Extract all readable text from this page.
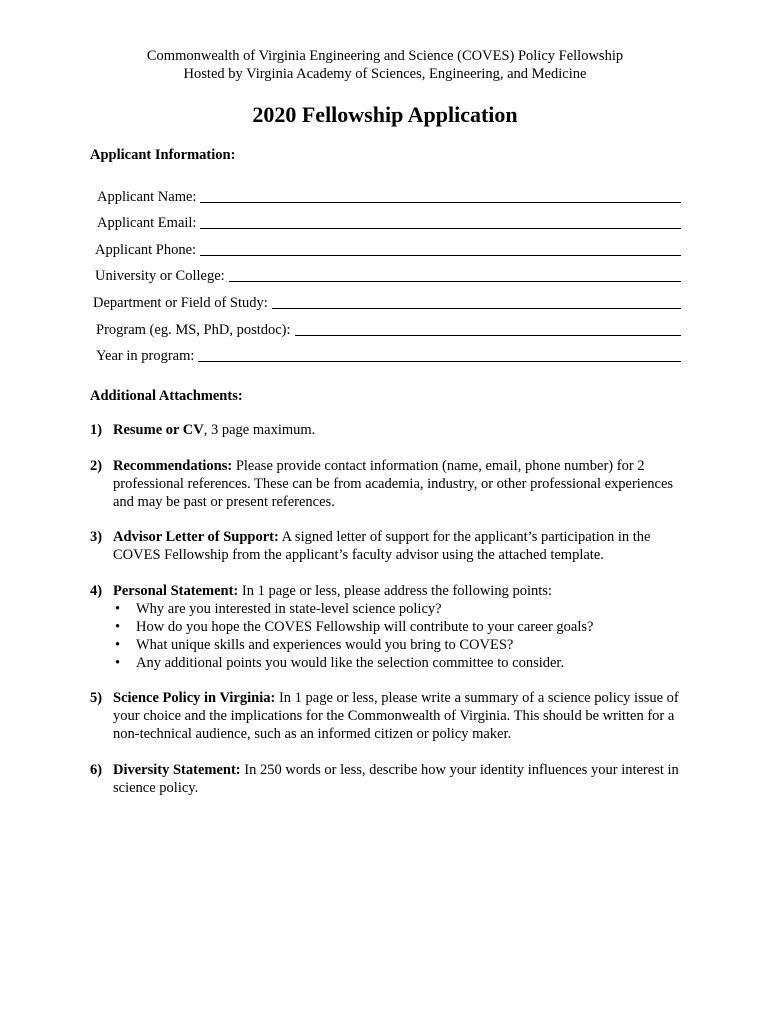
Commonwealth of Virginia Engineering and Science (COVES) Policy Fellowship
Hosted by Virginia Academy of Sciences, Engineering, and Medicine
2020 Fellowship Application
Applicant Information:
Applicant Name:
Applicant Email:
Applicant Phone:
University or College:
Department or Field of Study:
Program (eg. MS, PhD, postdoc):
Year in program:
Additional Attachments:
1) Resume or CV, 3 page maximum.
2) Recommendations: Please provide contact information (name, email, phone number) for 2 professional references. These can be from academia, industry, or other professional experiences and may be past or present references.
3) Advisor Letter of Support: A signed letter of support for the applicant’s participation in the COVES Fellowship from the applicant’s faculty advisor using the attached template.
4) Personal Statement: In 1 page or less, please address the following points:
•	Why are you interested in state-level science policy?
•	How do you hope the COVES Fellowship will contribute to your career goals?
•	What unique skills and experiences would you bring to COVES?
•	Any additional points you would like the selection committee to consider.
5) Science Policy in Virginia: In 1 page or less, please write a summary of a science policy issue of your choice and the implications for the Commonwealth of Virginia. This should be written for a non-technical audience, such as an informed citizen or policy maker.
6) Diversity Statement: In 250 words or less, describe how your identity influences your interest in science policy.
